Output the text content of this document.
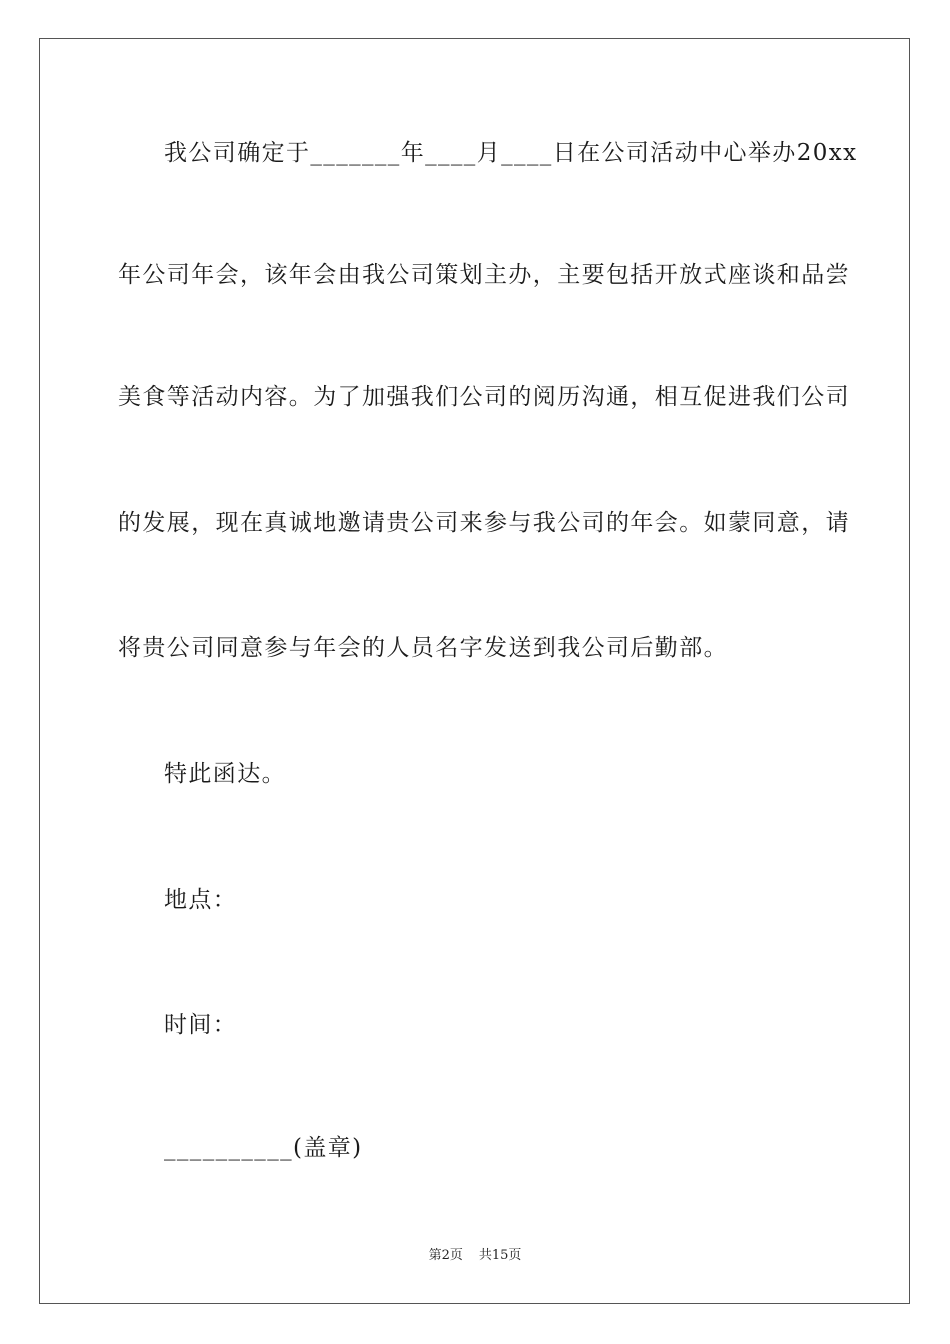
我公司确定于_______年____月____日在公司活动中心举办20xx
年公司年会，该年会由我公司策划主办，主要包括开放式座谈和品尝
美食等活动内容。为了加强我们公司的阅历沟通，相互促进我们公司
的发展，现在真诚地邀请贵公司来参与我公司的年会。如蒙同意，请
将贵公司同意参与年会的人员名字发送到我公司后勤部。
特此函达。
地点：
时间：
__________(盖章)
第2页 共15页
